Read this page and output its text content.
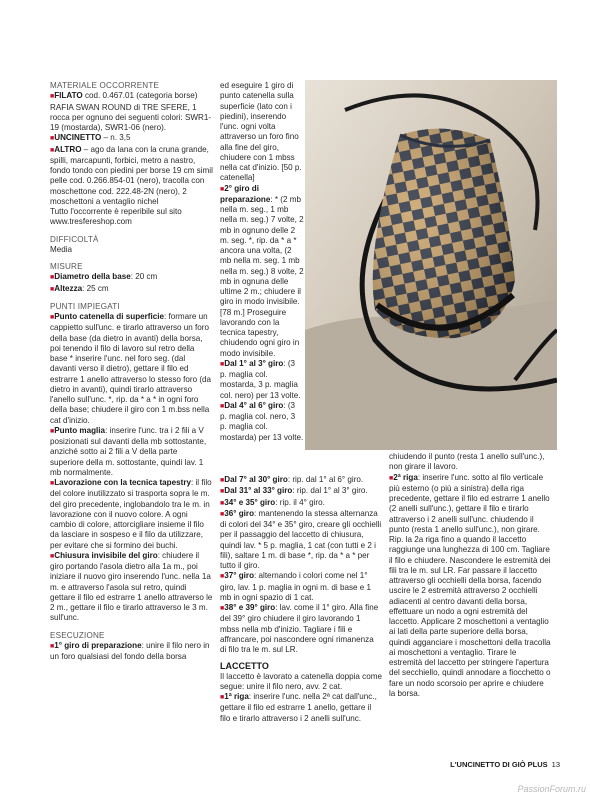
MATERIALE OCCORRENTE

■FILATO cod. 0.467.01 (categoria borse) RAFIA SWAN ROUND di TRE SFERE, 1 rocca per ognuno dei seguenti colori: SWR1-19 (mostarda), SWR1-06 (nero).

■UNCINETTO – n. 3,5

■ALTRO – ago da lana con la cruna grande, spilli, marcapunti, forbici, metro a nastro, fondo tondo con piedini per borse 19 cm simil pelle cod. 0.266.854-01 (nero), tracolla con moschettone cod. 222.48-2N (nero), 2 moschettoni a ventaglio nichel

Tutto l'occorrente è reperibile sul sito www.tresfereshop.com

DIFFICOLTÀ

Media

MISURE

■Diametro della base: 20 cm

■Altezza: 25 cm

PUNTI IMPIEGATI

■Punto catenella di superficie: formare un cappietto sull'unc. e tirarlo attraverso un foro della base (da dietro in avanti) della borsa, poi tenendo il filo di lavoro sul retro della base * inserire l'unc. nel foro seg. (dal davanti verso il dietro), gettare il filo ed estrarre 1 anello attraverso lo stesso foro (da dietro in avanti), quindi tirarlo attraverso l'anello sull'unc. *, rip. da * a * in ogni foro della base; chiudere il giro con 1 m.bss nella cat d'inizio.

■Punto maglia: inserire l'unc. tra i 2 fili a V posizionati sul davanti della mb sottostante, anziché sotto ai 2 fili a V della parte superiore della m. sottostante, quindi lav. 1 mb normalmente.

■Lavorazione con la tecnica tapestry: il filo del colore inutilizzato si trasporta sopra le m. del giro precedente, inglobandolo tra le m. in lavorazione con il nuovo colore. A ogni cambio di colore, attorcigliare insieme il filo da lasciare in sospeso e il filo da utilizzare, per evitare che si formino dei buchi.

■Chiusura invisibile del giro: chiudere il giro portando l'asola dietro alla 1a m., poi iniziare il nuovo giro inserendo l'unc. nella 1a m. e attraverso l'asola sul retro, quindi gettare il filo ed estrarre 1 anello attraverso le 2 m., gettare il filo e tirarlo attraverso le 3 m. sull'unc.

ESECUZIONE

■1° giro di preparazione: unire il filo nero in un foro qualsiasi del fondo della borsa

ed eseguire 1 giro di punto catenella sulla superficie (lato con i piedini), inserendo l'unc. ogni volta attraverso un foro fino alla fine del giro, chiudere con 1 mbss nella cat d'inizio. [50 p. catenella]

■2° giro di preparazione: * (2 mb nella m. seg., 1 mb nella m. seg.) 7 volte, 2 mb in ognuno delle 2 m. seg. *, rip. da * a * ancora una volta, (2 mb nella m. seg. 1 mb nella m. seg.) 8 volte, 2 mb in ognuna delle ultime 2 m.; chiudere il giro in modo invisibile. [78 m.] Proseguire lavorando con la tecnica tapestry, chiudendo ogni giro in modo invisibile.

■Dal 1° al 3° giro: (3 p. maglia col. mostarda, 3 p. maglia col. nero) per 13 volte.

■Dal 4° al 6° giro: (3 p. maglia col. nero, 3 p. maglia col. mostarda) per 13 volte.

■Dal 7° al 30° giro: rip. dal 1° al 6° giro.

■Dal 31° al 33° giro: rip. dal 1° al 3° giro.

■34° e 35° giro: rip. il 4° giro.

■36° giro: mantenendo la stessa alternanza di colori del 34° e 35° giro, creare gli occhielli per il passaggio del laccetto di chiusura, quindi lav. * 5 p. maglia, 1 cat (con tutti e 2 i fili), saltare 1 m. di base *, rip. da * a * per tutto il giro.

■37° giro: alternando i colori come nel 1° giro, lav. 1 p. maglia in ogni m. di base e 1 mb in ogni spazio di 1 cat.

■38° e 39° giro: lav. come il 1° giro. Alla fine del 39° giro chiudere il giro lavorando 1 mbss nella mb d'inizio. Tagliare i fili e affrancare, poi nascondere ogni rimanenza di filo tra le m. sul LR.

LACCETTO

Il laccetto è lavorato a catenella doppia come segue: unire il filo nero, avv. 2 cat.

■1ª riga: inserire l'unc. nella 2ª cat dall'unc., gettare il filo ed estrarre 1 anello, gettare il filo e tirarlo attraverso i 2 anelli sull'unc.

chiudendo il punto (resta 1 anello sull'unc.), non girare il lavoro.

■2ª riga: inserire l'unc. sotto al filo verticale più esterno (o più a sinistra) della riga precedente, gettare il filo ed estrarre 1 anello (2 anelli sull'unc.), gettare il filo e tirarlo attraverso i 2 anelli sull'unc. chiudendo il punto (resta 1 anello sull'unc.), non girare.

Rip. la 2a riga fino a quando il laccetto raggiunge una lunghezza di 100 cm. Tagliare il filo e chiudere. Nascondere le estremità dei fili tra le m. sul LR. Far passare il laccetto attraverso gli occhielli della borsa, facendo uscire le 2 estremità attraverso 2 occhielli adiacenti al centro davanti della borsa, effettuare un nodo a ogni estremità del laccetto. Applicare 2 moschettoni a ventaglio ai lati della parte superiore della borsa, quindi agganciare i moschettoni della tracolla ai moschettoni a ventaglio. Tirare le estremità del laccetto per stringere l'apertura del secchiello, quindi annodare a fiocchetto o fare un nodo scorsoio per aprire e chiudere la borsa.

L'UNCINETTO DI GIÒ PLUS 13
PassionForum.ru
